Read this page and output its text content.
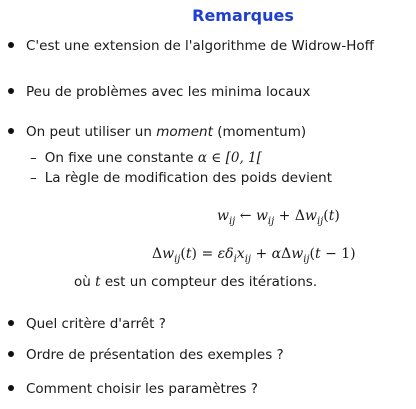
Remarques
C'est une extension de l'algorithme de Widrow-Hoff
Peu de problèmes avec les minima locaux
On peut utiliser un moment (momentum)
– On fixe une constante α ∈ [0, 1[
– La règle de modification des poids devient
$w_{ij}$ ← $w_{ij} + \Delta w_{ij}(t)$
$\Delta w_{ij}(t) = \varepsilon\delta_ix_{ij} + \alpha\Delta w_{ij}(t - 1)$
où t est un compteur des itérations.
Quel critère d'arrêt ?
Ordre de présentation des exemples ?
Comment choisir les paramètres ?
